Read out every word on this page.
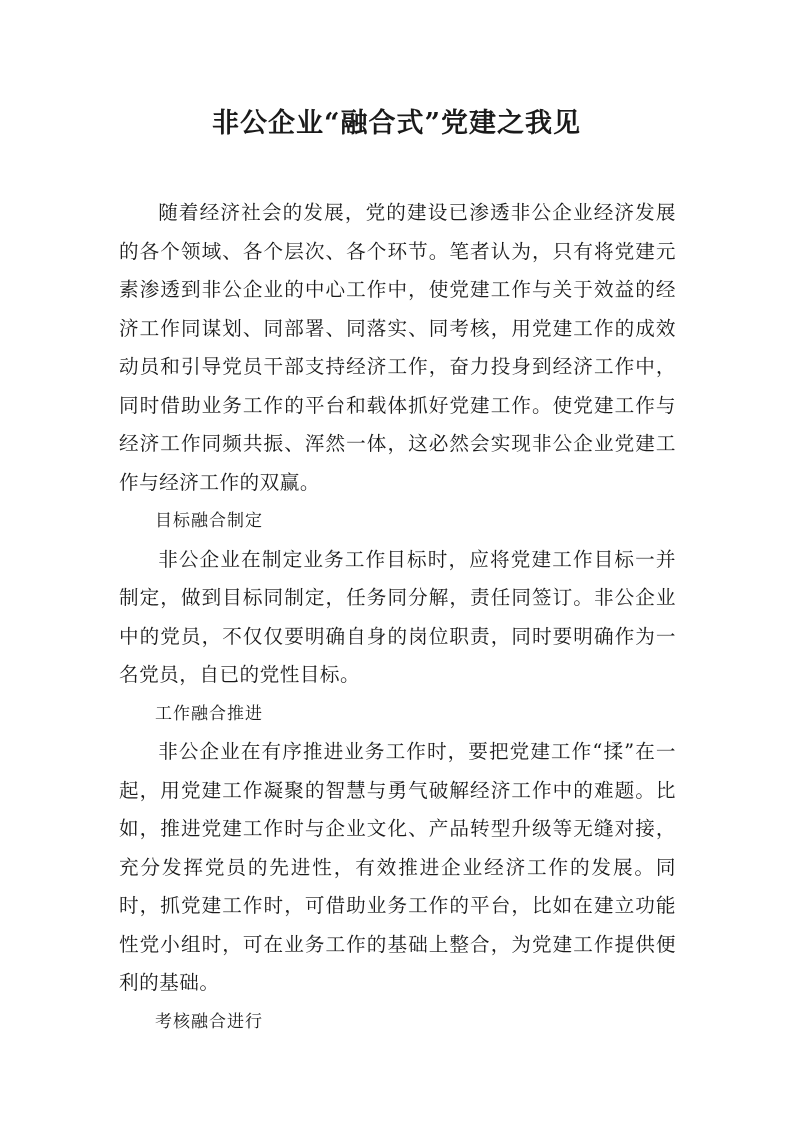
非公企业“融合式”党建之我见

随着经济社会的发展，党的建设已渗透非公企业经济发展的各个领域、各个层次、各个环节。笔者认为，只有将党建元素渗透到非公企业的中心工作中，使党建工作与关于效益的经济工作同谋划、同部署、同落实、同考核，用党建工作的成效动员和引导党员干部支持经济工作，奋力投身到经济工作中，同时借助业务工作的平台和载体抓好党建工作。使党建工作与经济工作同频共振、浑然一体，这必然会实现非公企业党建工作与经济工作的双赢。

目标融合制定

非公企业在制定业务工作目标时，应将党建工作目标一并制定，做到目标同制定，任务同分解，责任同签订。非公企业中的党员，不仅仅要明确自身的岗位职责，同时要明确作为一名党员，自已的党性目标。

工作融合推进

非公企业在有序推进业务工作时，要把党建工作“揉”在一起，用党建工作凝聚的智慧与勇气破解经济工作中的难题。比如，推进党建工作时与企业文化、产品转型升级等无缝对接，充分发挥党员的先进性，有效推进企业经济工作的发展。同时，抓党建工作时，可借助业务工作的平台，比如在建立功能性党小组时，可在业务工作的基础上整合，为党建工作提供便利的基础。

考核融合进行
